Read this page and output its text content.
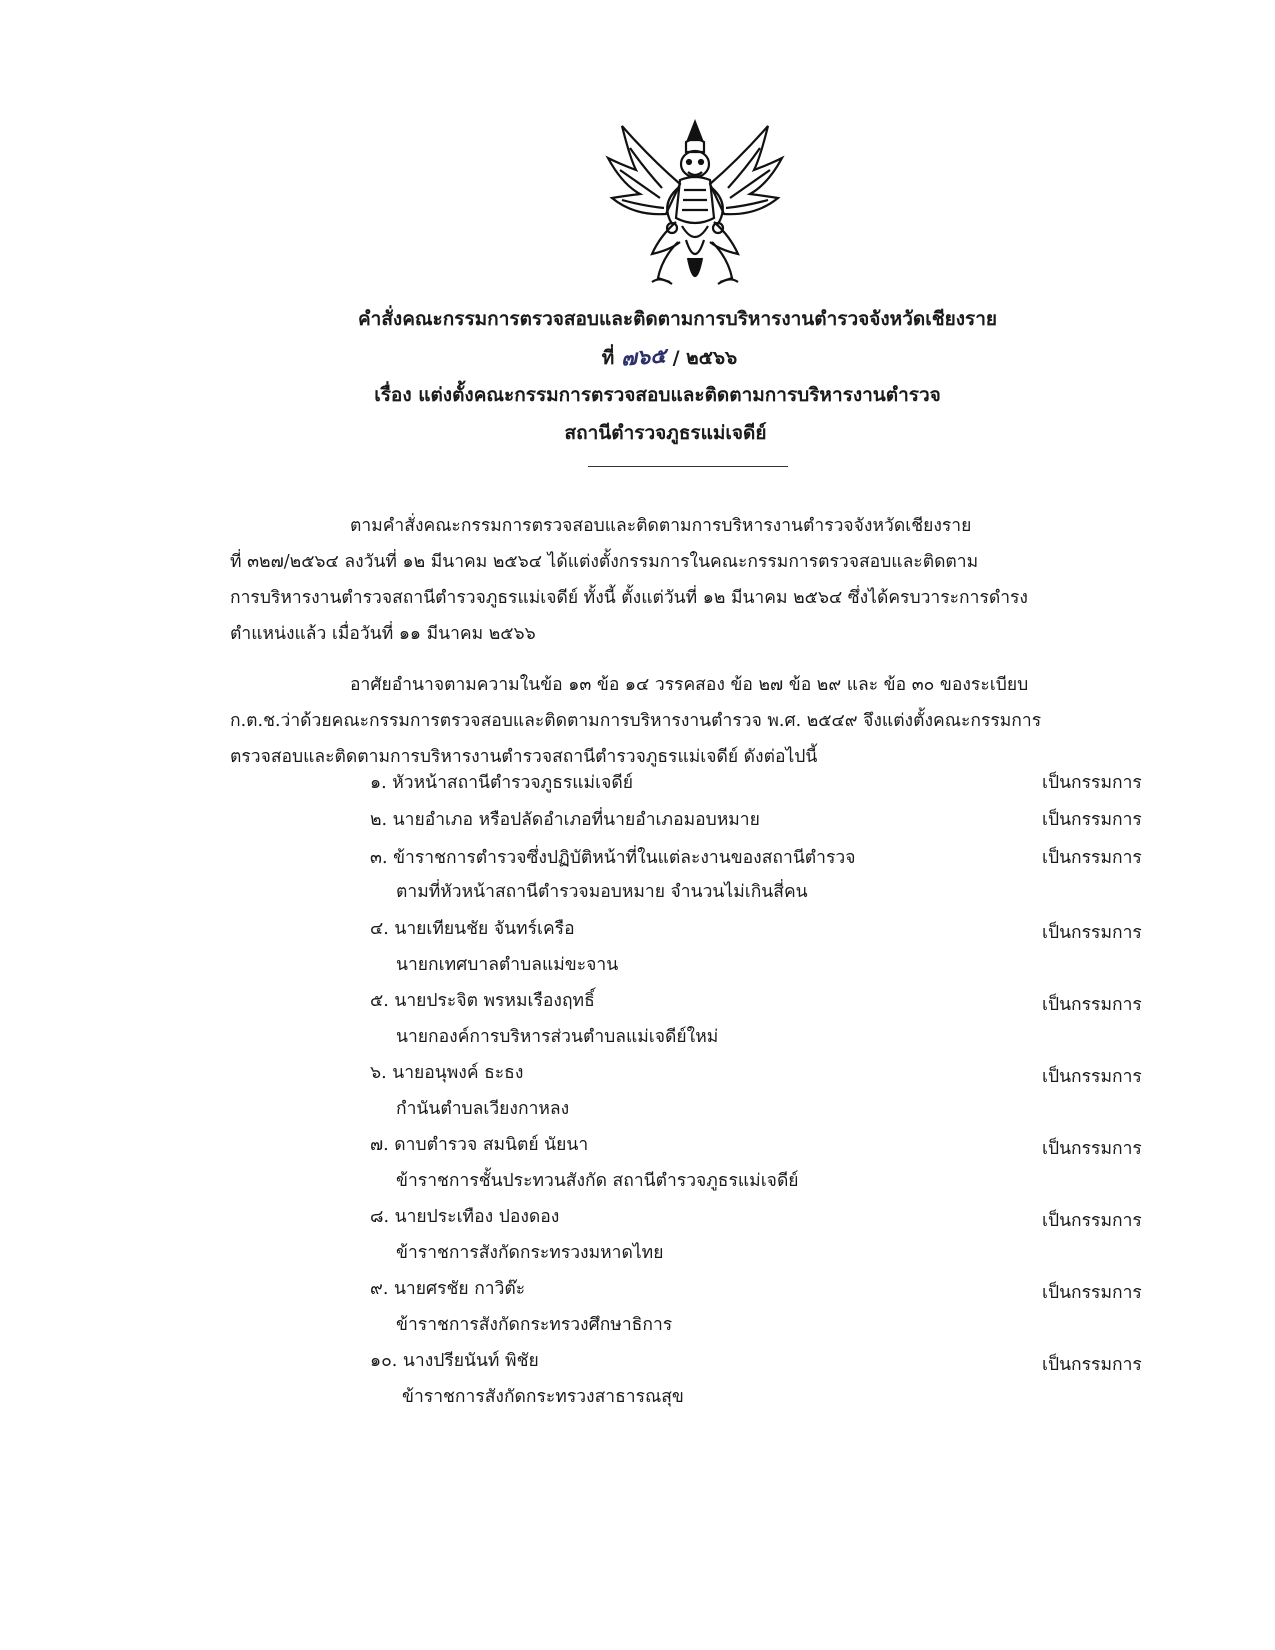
คำสั่งคณะกรรมการตรวจสอบและติดตามการบริหารงานตำรวจจังหวัดเชียงราย
ที่ ๗๖๕ / ๒๕๖๖
เรื่อง แต่งตั้งคณะกรรมการตรวจสอบและติดตามการบริหารงานตำรวจ
สถานีตำรวจภูธรแม่เจดีย์
ตามคำสั่งคณะกรรมการตรวจสอบและติดตามการบริหารงานตำรวจจังหวัดเชียงราย
ที่ ๓๒๗/๒๕๖๔ ลงวันที่ ๑๒ มีนาคม ๒๕๖๔ ได้แต่งตั้งกรรมการในคณะกรรมการตรวจสอบและติดตาม
การบริหารงานตำรวจสถานีตำรวจภูธรแม่เจดีย์ ทั้งนี้ ตั้งแต่วันที่ ๑๒ มีนาคม ๒๕๖๔ ซึ่งได้ครบวาระการดำรง
ตำแหน่งแล้ว เมื่อวันที่ ๑๑ มีนาคม ๒๕๖๖
อาศัยอำนาจตามความในข้อ ๑๓ ข้อ ๑๔ วรรคสอง ข้อ ๒๗ ข้อ ๒๙ และ ข้อ ๓๐ ของระเบียบ
ก.ต.ช.ว่าด้วยคณะกรรมการตรวจสอบและติดตามการบริหารงานตำรวจ พ.ศ. ๒๕๔๙ จึงแต่งตั้งคณะกรรมการ
ตรวจสอบและติดตามการบริหารงานตำรวจสถานีตำรวจภูธรแม่เจดีย์ ดังต่อไปนี้
๑. หัวหน้าสถานีตำรวจภูธรแม่เจดีย์	เป็นกรรมการ
๒. นายอำเภอ หรือปลัดอำเภอที่นายอำเภอมอบหมาย	เป็นกรรมการ
๓. ข้าราชการตำรวจซึ่งปฏิบัติหน้าที่ในแต่ละงานของสถานีตำรวจ	เป็นกรรมการ
ตามที่หัวหน้าสถานีตำรวจมอบหมาย จำนวนไม่เกินสี่คน
๔. นายเทียนชัย จันทร์เครือ	เป็นกรรมการ
นายกเทศบาลตำบลแม่ขะจาน
๕. นายประจิต พรหมเรืองฤทธิ์	เป็นกรรมการ
นายกองค์การบริหารส่วนตำบลแม่เจดีย์ใหม่
๖. นายอนุพงค์ ธะธง	เป็นกรรมการ
กำนันตำบลเวียงกาหลง
๗. ดาบตำรวจ สมนิตย์ นัยนา	เป็นกรรมการ
ข้าราชการชั้นประทวนสังกัด สถานีตำรวจภูธรแม่เจดีย์
๘. นายประเทือง ปองดอง	เป็นกรรมการ
ข้าราชการสังกัดกระทรวงมหาดไทย
๙. นายศรชัย กาวิต๊ะ	เป็นกรรมการ
ข้าราชการสังกัดกระทรวงศึกษาธิการ
๑๐. นางปรียนันท์ พิชัย	เป็นกรรมการ
ข้าราชการสังกัดกระทรวงสาธารณสุข
